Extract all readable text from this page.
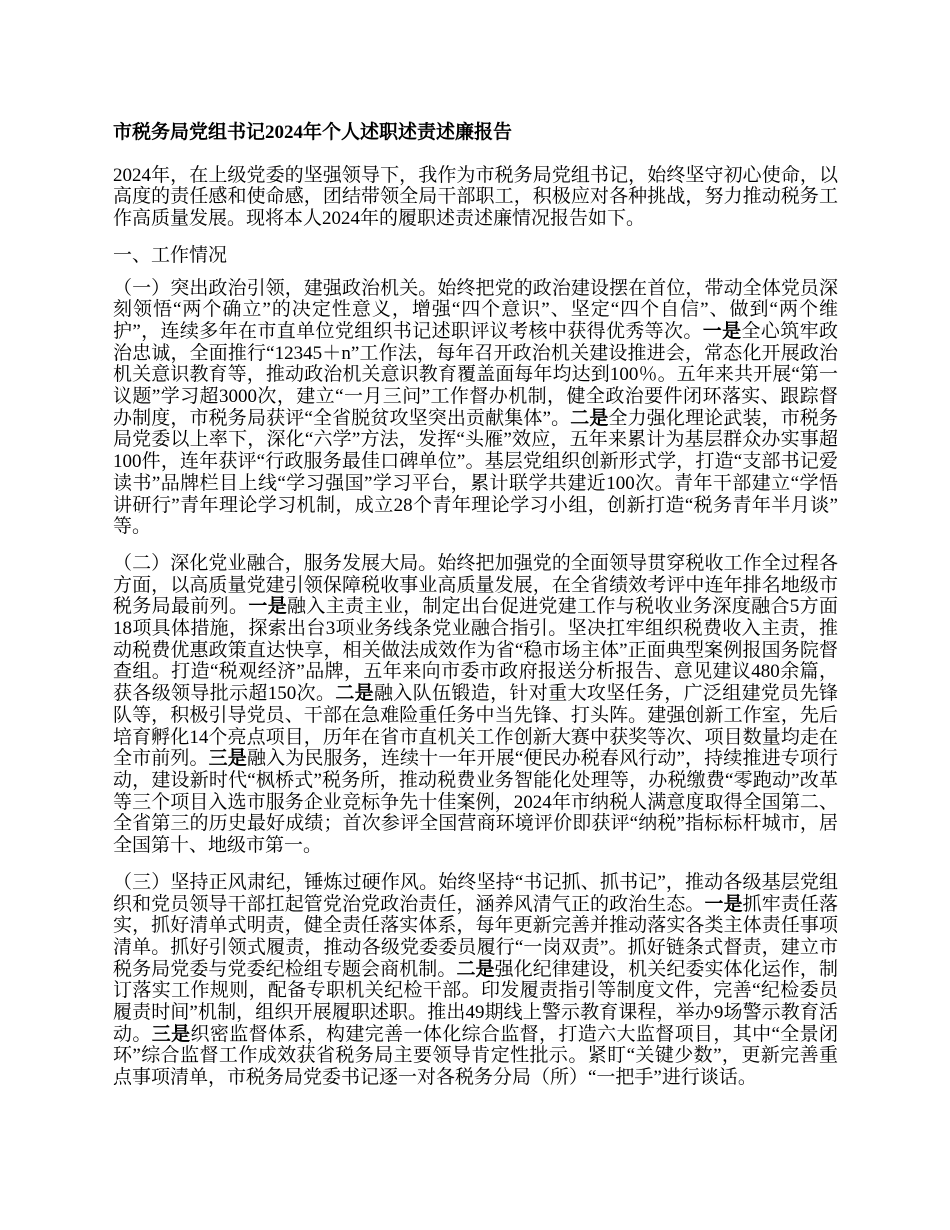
市税务局党组书记2024年个人述职述责述廉报告

2024年，在上级党委的坚强领导下，我作为市税务局党组书记，始终坚守初心使命，以高度的责任感和使命感，团结带领全局干部职工，积极应对各种挑战，努力推动税务工作高质量发展。现将本人2024年的履职述责述廉情况报告如下。

一、工作情况

（一）突出政治引领，建强政治机关。始终把党的政治建设摆在首位，带动全体党员深刻领悟“两个确立”的决定性意义，增强“四个意识”、坚定“四个自信”、做到“两个维护”，连续多年在市直单位党组织书记述职评议考核中获得优秀等次。一是全心筑牢政治忠诚，全面推行“12345＋n”工作法，每年召开政治机关建设推进会，常态化开展政治机关意识教育等，推动政治机关意识教育覆盖面每年均达到100％。五年来共开展“第一议题”学习超3000次，建立“一月三问”工作督办机制，健全政治要件闭环落实、跟踪督办制度，市税务局获评“全省脱贫攻坚突出贡献集体”。二是全力强化理论武装，市税务局党委以上率下，深化“六学”方法，发挥“头雁”效应，五年来累计为基层群众办实事超100件，连年获评“行政服务最佳口碑单位”。基层党组织创新形式学，打造“支部书记爱读书”品牌栏目上线“学习强国”学习平台，累计联学共建近100次。青年干部建立“学悟讲研行”青年理论学习机制，成立28个青年理论学习小组，创新打造“税务青年半月谈”等。

（二）深化党业融合，服务发展大局。始终把加强党的全面领导贯穿税收工作全过程各方面，以高质量党建引领保障税收事业高质量发展，在全省绩效考评中连年排名地级市税务局最前列。一是融入主责主业，制定出台促进党建工作与税收业务深度融合5方面18项具体措施，探索出台3项业务线条党业融合指引。坚决扛牢组织税费收入主责，推动税费优惠政策直达快享，相关做法成效作为省“稳市场主体”正面典型案例报国务院督查组。打造“税观经济”品牌，五年来向市委市政府报送分析报告、意见建议480余篇，获各级领导批示超150次。二是融入队伍锻造，针对重大攻坚任务，广泛组建党员先锋队等，积极引导党员、干部在急难险重任务中当先锋、打头阵。建强创新工作室，先后培育孵化14个亮点项目，历年在省市直机关工作创新大赛中获奖等次、项目数量均走在全市前列。三是融入为民服务，连续十一年开展“便民办税春风行动”，持续推进专项行动，建设新时代“枫桥式”税务所，推动税费业务智能化处理等，办税缴费“零跑动”改革等三个项目入选市服务企业竞标争先十佳案例，2024年市纳税人满意度取得全国第二、全省第三的历史最好成绩；首次参评全国营商环境评价即获评“纳税”指标标杆城市，居全国第十、地级市第一。

（三）坚持正风肃纪，锤炼过硬作风。始终坚持“书记抓、抓书记”，推动各级基层党组织和党员领导干部扛起管党治党政治责任，涵养风清气正的政治生态。一是抓牢责任落实，抓好清单式明责，健全责任落实体系，每年更新完善并推动落实各类主体责任事项清单。抓好引领式履责，推动各级党委委员履行“一岗双责”。抓好链条式督责，建立市税务局党委与党委纪检组专题会商机制。二是强化纪律建设，机关纪委实体化运作，制订落实工作规则，配备专职机关纪检干部。印发履责指引等制度文件，完善“纪检委员履责时间”机制，组织开展履职述职。推出49期线上警示教育课程，举办9场警示教育活动。三是织密监督体系，构建完善一体化综合监督，打造六大监督项目，其中“全景闭环”综合监督工作成效获省税务局主要领导肯定性批示。紧盯“关键少数”，更新完善重点事项清单，市税务局党委书记逐一对各税务分局（所）“一把手”进行谈话。
